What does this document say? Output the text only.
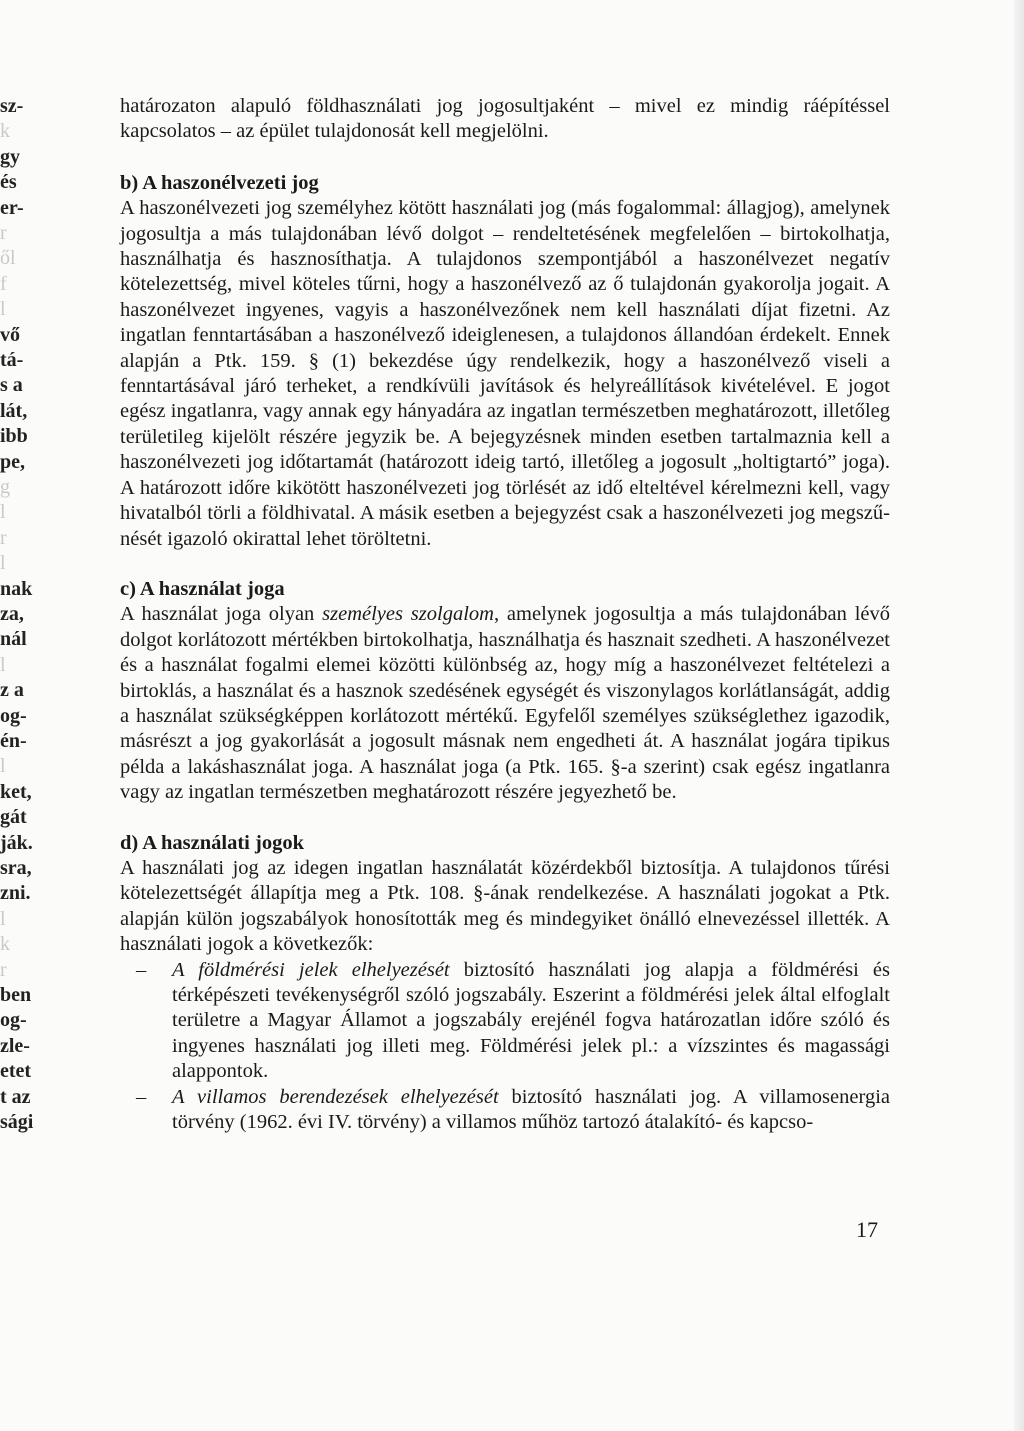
sz-
k
gy
és
er-
r
ől
f
l
vő
tá-
s a
lát,
ibb
pe,
g
l
r
l
nak
za,
nál
l
z a
og-
én-
l
ket,
gát
ják.
sra,
zni.
l
k
r
ben
og-
zle-
etet
t az
sági

határozaton alapuló földhasználati jog jogosultjaként – mivel ez mindig ráépítéssel kapcsolatos – az épület tulajdonosát kell megjelölni.

b) A haszonélvezeti jog

A haszonélvezeti jog személyhez kötött használati jog (más fogalommal: állagjog), amelynek jogosultja a más tulajdonában lévő dolgot – rendeltetésének megfelelően – birtokolhatja, használhatja és hasznosíthatja. A tulajdonos szempontjából a haszonélvezet negatív kötelezettség, mivel köteles tűrni, hogy a haszonélvező az ő tulajdonán gyakorolja jogait. A haszonélvezet ingyenes, vagyis a haszonélvezőnek nem kell használati díjat fizetni. Az ingatlan fenntartásában a haszonélvező ideiglenesen, a tulajdonos állandóan érdekelt. Ennek alapján a Ptk. 159. § (1) bekezdése úgy rendelkezik, hogy a haszonélvező viseli a fenntartásával járó terheket, a rendkívüli javítások és helyreállítások kivételével. E jogot egész ingatlanra, vagy annak egy hányadára az ingatlan természetben meghatározott, illetőleg területileg kijelölt részére jegyzik be. A bejegyzésnek minden esetben tartalmaznia kell a haszonélvezeti jog időtartamát (határozott ideig tartó, illetőleg a jogosult „holtigtartó” joga). A határozott időre kikötött haszonélvezeti jog törlését az idő elteltével kérelmezni kell, vagy hivatalból törli a földhivatal. A másik esetben a bejegyzést csak a haszonélvezeti jog megszűnését igazoló okirattal lehet töröltetni.

c) A használat joga

A használat joga olyan személyes szolgalom, amelynek jogosultja a más tulajdonában lévő dolgot korlátozott mértékben birtokolhatja, használhatja és hasznait szedheti. A haszonélvezet és a használat fogalmi elemei közötti különbség az, hogy míg a haszonélvezet feltételezi a birtoklás, a használat és a hasznok szedésének egységét és viszonylagos korlátlanságát, addig a használat szükségképpen korlátozott mértékű. Egyfelől személyes szükséglethez igazodik, másrészt a jog gyakorlását a jogosult másnak nem engedheti át. A használat jogára tipikus példa a lakáshasználat joga. A használat joga (a Ptk. 165. §-a szerint) csak egész ingatlanra vagy az ingatlan természetben meghatározott részére jegyezhető be.

d) A használati jogok

A használati jog az idegen ingatlan használatát közérdekből biztosítja. A tulajdonos tűrési kötelezettségét állapítja meg a Ptk. 108. §-ának rendelkezése. A használati jogokat a Ptk. alapján külön jogszabályok honosították meg és mindegyiket önálló elnevezéssel illették. A használati jogok a következők:

– A földmérési jelek elhelyezését biztosító használati jog alapja a földmérési és térképészeti tevékenységről szóló jogszabály. Eszerint a földmérési jelek által elfoglalt területre a Magyar Államot a jogszabály erejénél fogva határozatlan időre szóló és ingyenes használati jog illeti meg. Földmérési jelek pl.: a vízszintes és magassági alappontok.
– A villamos berendezések elhelyezését biztosító használati jog. A villamosenergia törvény (1962. évi IV. törvény) a villamos műhöz tartozó átalakító- és kapcso-
17
